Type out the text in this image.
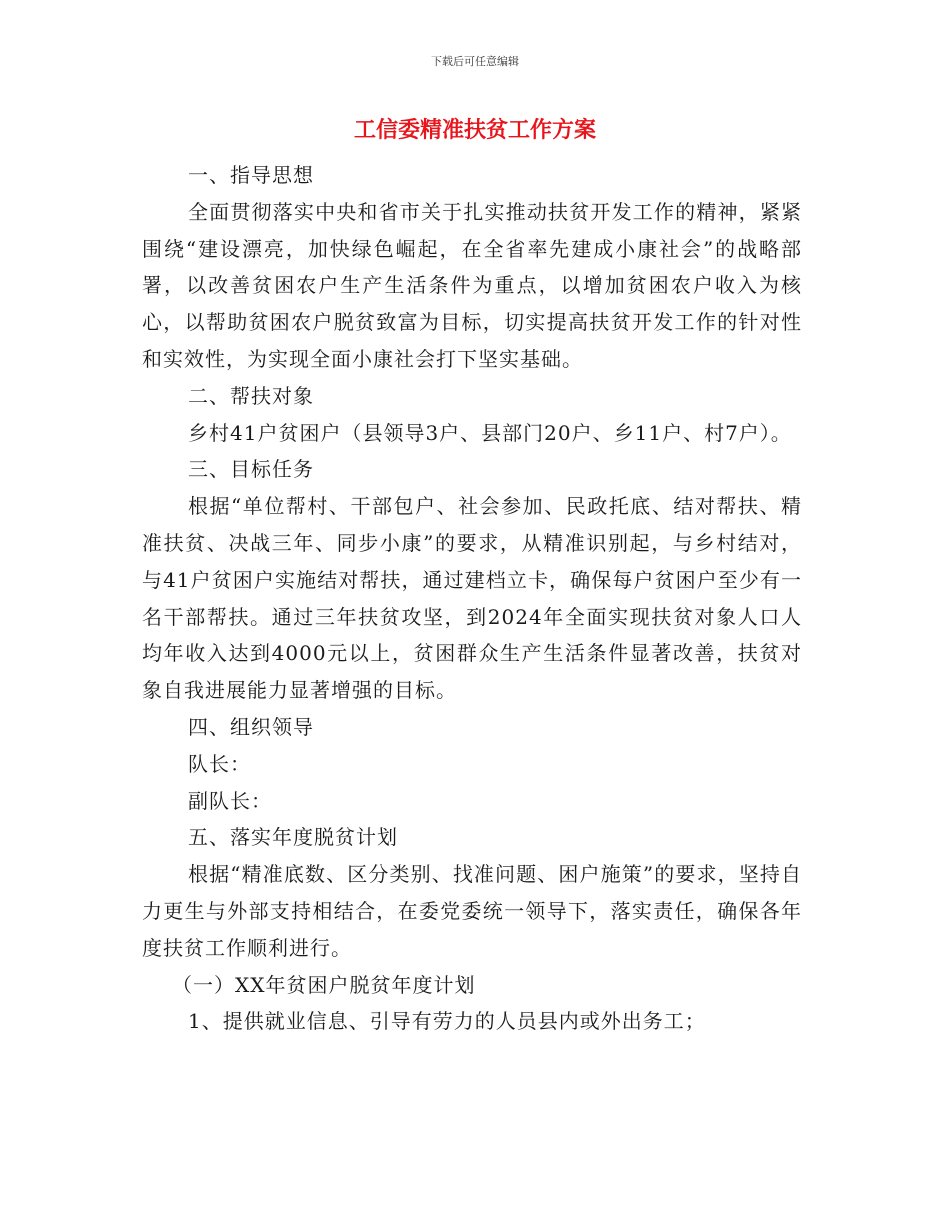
下载后可任意编辑
工信委精准扶贫工作方案

一、指导思想

全面贯彻落实中央和省市关于扎实推动扶贫开发工作的精神，紧紧围绕“建设漂亮，加快绿色崛起，在全省率先建成小康社会”的战略部署，以改善贫困农户生产生活条件为重点，以增加贫困农户收入为核心，以帮助贫困农户脱贫致富为目标，切实提高扶贫开发工作的针对性和实效性，为实现全面小康社会打下坚实基础。

二、帮扶对象

乡村41户贫困户（县领导3户、县部门20户、乡11户、村7户）。

三、目标任务

根据“单位帮村、干部包户、社会参加、民政托底、结对帮扶、精准扶贫、决战三年、同步小康”的要求，从精准识别起，与乡村结对，与41户贫困户实施结对帮扶，通过建档立卡，确保每户贫困户至少有一名干部帮扶。通过三年扶贫攻坚，到2024年全面实现扶贫对象人口人均年收入达到4000元以上，贫困群众生产生活条件显著改善，扶贫对象自我进展能力显著增强的目标。

四、组织领导

队长：

副队长：

五、落实年度脱贫计划

根据“精准底数、区分类别、找准问题、困户施策”的要求，坚持自力更生与外部支持相结合，在委党委统一领导下，落实责任，确保各年度扶贫工作顺利进行。

（一）XX年贫困户脱贫年度计划

1、提供就业信息、引导有劳力的人员县内或外出务工；
